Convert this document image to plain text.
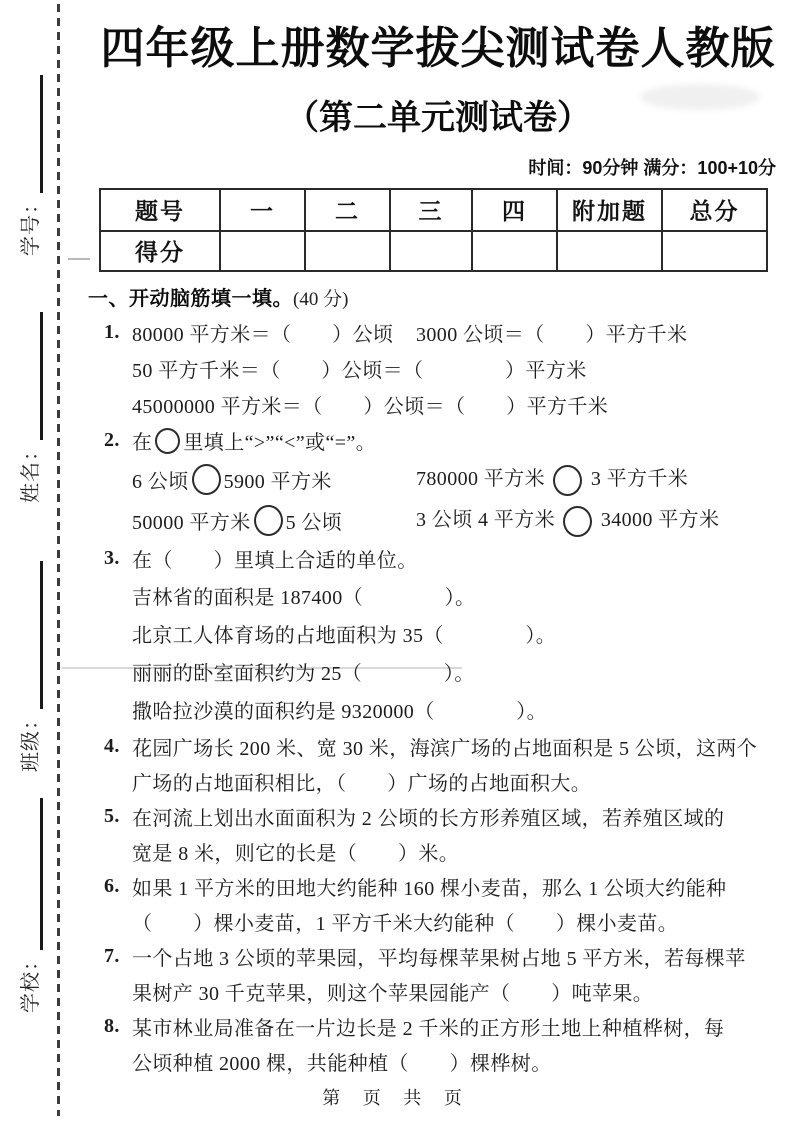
学号：
姓名：
班级：
学校：
四年级上册数学拔尖测试卷人教版
（第二单元测试卷）
时间：90分钟 满分：100+10分
题号	一	二	三	四	附加题	总分
得分						
一、开动脑筋填一填。(40 分)
1. 80000 平方米＝（　　）公顷	3000 公顷＝（　　）平方千米
50 平方千米＝（　　）公顷＝（　　　　）平方米
45000000 平方米＝（　　）公顷＝（　　）平方千米
2. 在 里填上“>”“<”或“=”。
6 公顷 5900 平方米	780000 平方米 3 平方千米
50000 平方米 5 公顷	3 公顷 4 平方米 34000 平方米
3. 在（　　）里填上合适的单位。
吉林省的面积是 187400（　　　　）。
北京工人体育场的占地面积为 35（　　　　）。
丽丽的卧室面积约为 25（　　　　）。
撒哈拉沙漠的面积约是 9320000（　　　　）。
4. 花园广场长 200 米、宽 30 米，海滨广场的占地面积是 5 公顷，这两个
广场的占地面积相比，（　　）广场的占地面积大。
5. 在河流上划出水面面积为 2 公顷的长方形养殖区域，若养殖区域的
宽是 8 米，则它的长是（　　）米。
6. 如果 1 平方米的田地大约能种 160 棵小麦苗，那么 1 公顷大约能种
（　　）棵小麦苗，1 平方千米大约能种（　　）棵小麦苗。
7. 一个占地 3 公顷的苹果园，平均每棵苹果树占地 5 平方米，若每棵苹
果树产 30 千克苹果，则这个苹果园能产（　　）吨苹果。
8. 某市林业局准备在一片边长是 2 千米的正方形土地上种植桦树，每
公顷种植 2000 棵，共能种植（　　）棵桦树。
第 页 共 页
